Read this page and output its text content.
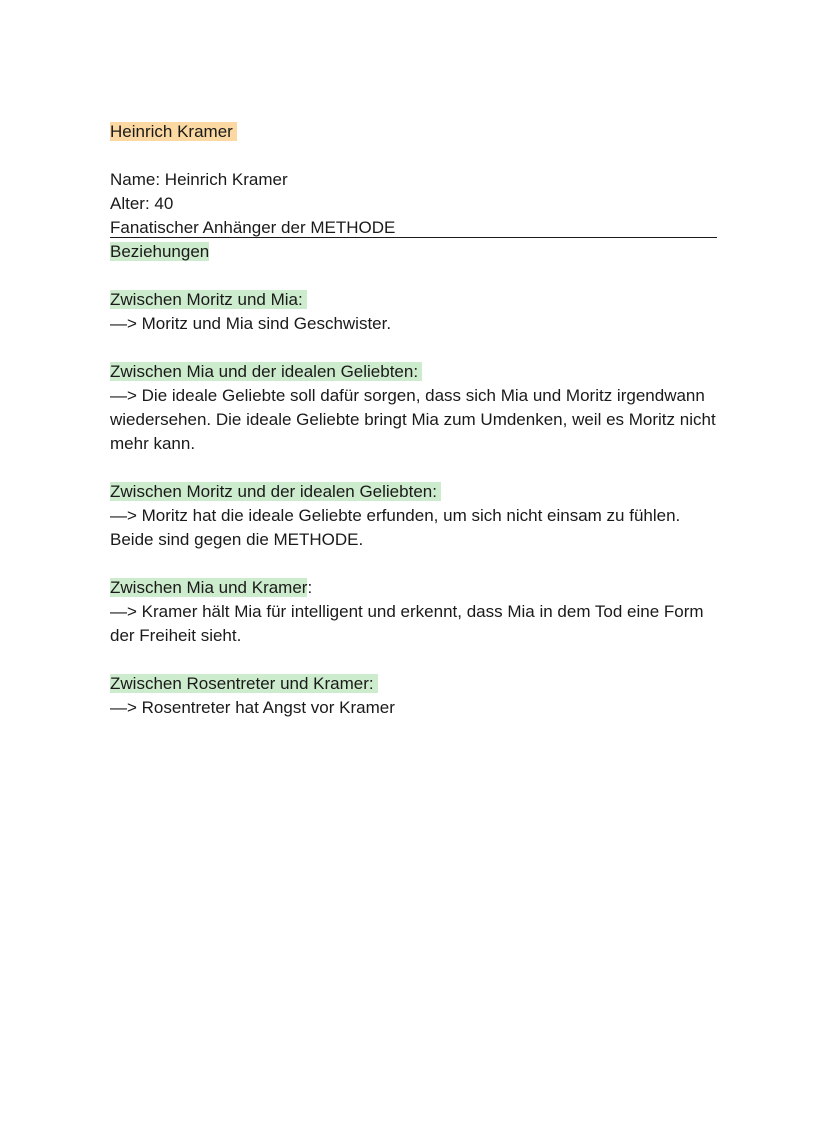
Heinrich Kramer
Name: Heinrich Kramer
Alter: 40
Fanatischer Anhänger der METHODE
Beziehungen
Zwischen Moritz und Mia:
—> Moritz und Mia sind Geschwister.
Zwischen Mia und der idealen Geliebten:
—> Die ideale Geliebte soll dafür sorgen, dass sich Mia und Moritz irgendwann wiedersehen. Die ideale Geliebte bringt Mia zum Umdenken, weil es Moritz nicht mehr kann.
Zwischen Moritz und der idealen Geliebten:
—> Moritz hat die ideale Geliebte erfunden, um sich nicht einsam zu fühlen. Beide sind gegen die METHODE.
Zwischen Mia und Kramer:
—> Kramer hält Mia für intelligent und erkennt, dass Mia in dem Tod eine Form der Freiheit sieht.
Zwischen Rosentreter und Kramer:
—> Rosentreter hat Angst vor Kramer
